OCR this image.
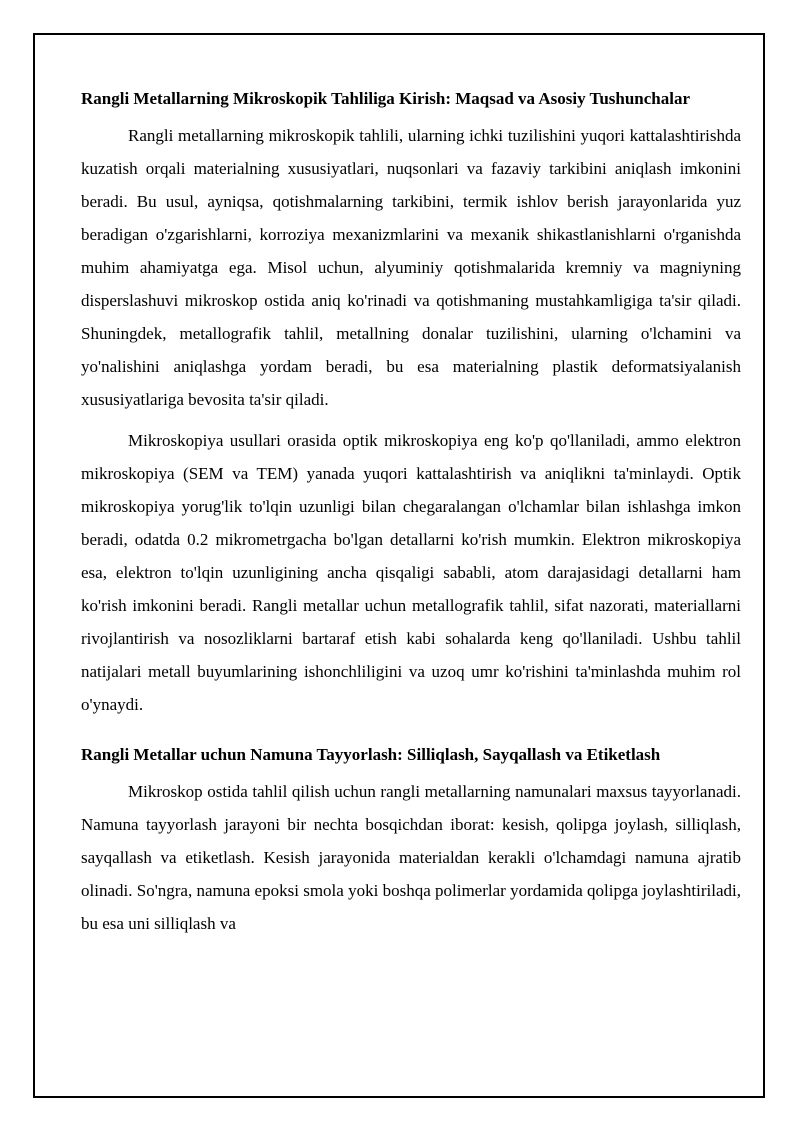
Rangli Metallarning Mikroskopik Tahliliga Kirish: Maqsad va Asosiy Tushunchalar

Rangli metallarning mikroskopik tahlili, ularning ichki tuzilishini yuqori kattalashtirishda kuzatish orqali materialning xususiyatlari, nuqsonlari va fazaviy tarkibini aniqlash imkonini beradi. Bu usul, ayniqsa, qotishmalarning tarkibini, termik ishlov berish jarayonlarida yuz beradigan o'zgarishlarni, korroziya mexanizmlarini va mexanik shikastlanishlarni o'rganishda muhim ahamiyatga ega. Misol uchun, alyuminiy qotishmalarida kremniy va magniyning disperslashuvi mikroskop ostida aniq ko'rinadi va qotishmaning mustahkamligiga ta'sir qiladi. Shuningdek, metallografik tahlil, metallning donalar tuzilishini, ularning o'lchamini va yo'nalishini aniqlashga yordam beradi, bu esa materialning plastik deformatsiyalanish xususiyatlariga bevosita ta'sir qiladi.

Mikroskopiya usullari orasida optik mikroskopiya eng ko'p qo'llaniladi, ammo elektron mikroskopiya (SEM va TEM) yanada yuqori kattalashtirish va aniqlikni ta'minlaydi. Optik mikroskopiya yorug'lik to'lqin uzunligi bilan chegaralangan o'lchamlar bilan ishlashga imkon beradi, odatda 0.2 mikrometrgacha bo'lgan detallarni ko'rish mumkin. Elektron mikroskopiya esa, elektron to'lqin uzunligining ancha qisqaligi sababli, atom darajasidagi detallarni ham ko'rish imkonini beradi. Rangli metallar uchun metallografik tahlil, sifat nazorati, materiallarni rivojlantirish va nosozliklarni bartaraf etish kabi sohalarda keng qo'llaniladi. Ushbu tahlil natijalari metall buyumlarining ishonchliligini va uzoq umr ko'rishini ta'minlashda muhim rol o'ynaydi.

Rangli Metallar uchun Namuna Tayyorlash: Silliqlash, Sayqallash va Etiketlash

Mikroskop ostida tahlil qilish uchun rangli metallarning namunalari maxsus tayyorlanadi. Namuna tayyorlash jarayoni bir nechta bosqichdan iborat: kesish, qolipga joylash, silliqlash, sayqallash va etiketlash. Kesish jarayonida materialdan kerakli o'lchamdagi namuna ajratib olinadi. So'ngra, namuna epoksi smola yoki boshqa polimerlar yordamida qolipga joylashtiriladi, bu esa uni silliqlash va
